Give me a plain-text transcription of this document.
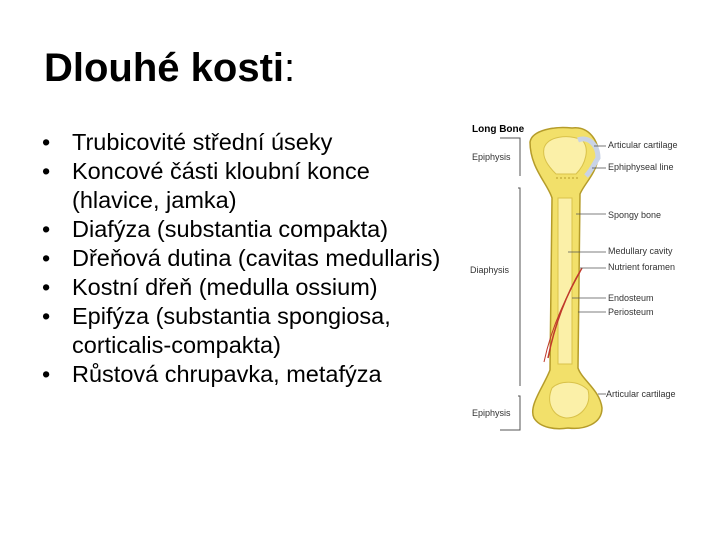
Dlouhé kosti:
• Trubicovité střední úseky
• Koncové části kloubní konce (hlavice, jamka)
• Diafýza (substantia compakta)
• Dřeňová dutina (cavitas medullaris)
• Kostní dřeň (medulla ossium)
• Epifýza (substantia spongiosa, corticalis-compakta)
• Růstová chrupavka, metafýza
Long Bone
Epiphysis
Diaphysis
Epiphysis
Articular cartilage
Ephiphyseal line
Spongy bone
Medullary cavity
Nutrient foramen
Endosteum
Periosteum
Articular cartilage
